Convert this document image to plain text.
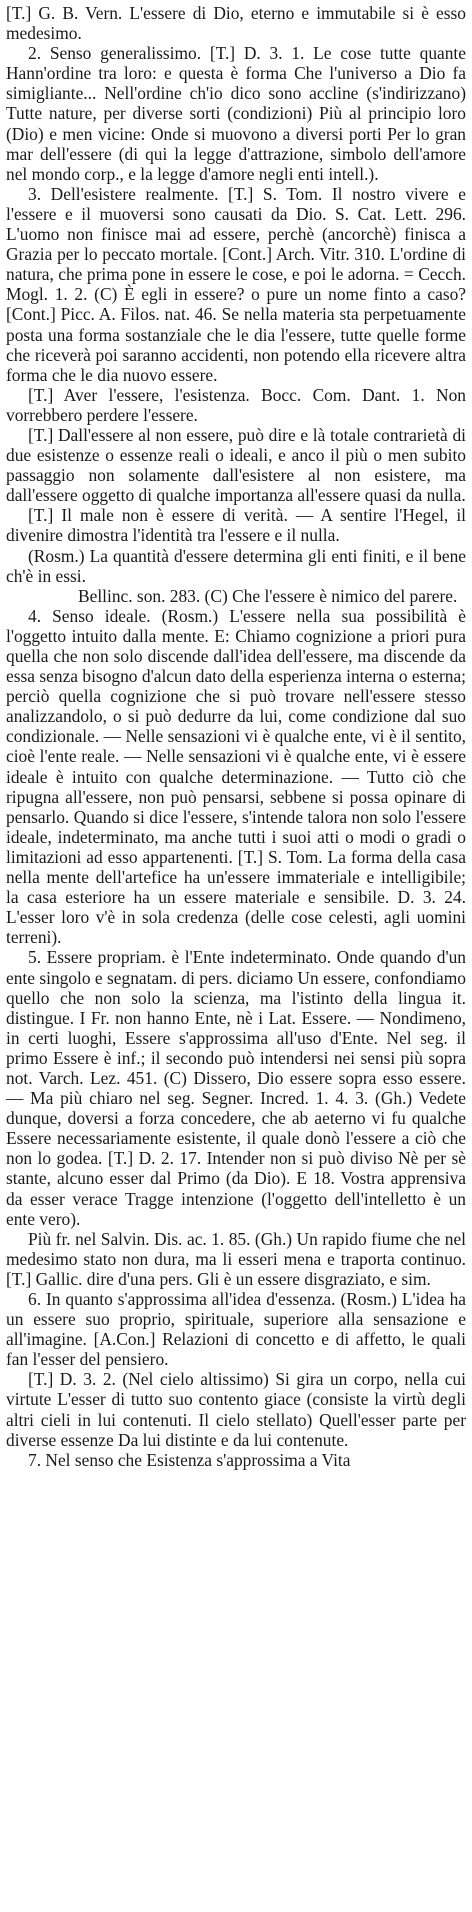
[T.] G. B. Vern. L'essere di Dio, eterno e immutabile si è esso medesimo.

2. Senso generalissimo. [T.] D. 3. 1. Le cose tutte quante Hann'ordine tra loro: e questa è forma Che l'universo a Dio fa simigliante... Nell'ordine ch'io dico sono accline (s'indirizzano) Tutte nature, per diverse sorti (condizioni) Più al principio loro (Dio) e men vicine: Onde si muovono a diversi porti Per lo gran mar dell'essere (di qui la legge d'attrazione, simbolo dell'amore nel mondo corp., e la legge d'amore negli enti intell.).

3. Dell'esistere realmente. [T.] S. Tom. Il nostro vivere e l'essere e il muoversi sono causati da Dio. S. Cat. Lett. 296. L'uomo non finisce mai ad essere, perchè (ancorchè) finisca a Grazia per lo peccato mortale. [Cont.] Arch. Vitr. 310. L'ordine di natura, che prima pone in essere le cose, e poi le adorna. = Cecch. Mogl. 1. 2. (C) È egli in essere? o pure un nome finto a caso? [Cont.] Picc. A. Filos. nat. 46. Se nella materia sta perpetuamente posta una forma sostanziale che le dia l'essere, tutte quelle forme che riceverà poi saranno accidenti, non potendo ella ricevere altra forma che le dia nuovo essere.

[T.] Aver l'essere, l'esistenza. Bocc. Com. Dant. 1. Non vorrebbero perdere l'essere.

[T.] Dall'essere al non essere, può dire e là totale contrarietà di due esistenze o essenze reali o ideali, e anco il più o men subito passaggio non solamente dall'esistere al non esistere, ma dall'essere oggetto di qualche importanza all'essere quasi da nulla.

[T.] Il male non è essere di verità. — A sentire l'Hegel, il divenire dimostra l'identità tra l'essere e il nulla.

(Rosm.) La quantità d'essere determina gli enti finiti, e il bene ch'è in essi.

Bellinc. son. 283. (C) Che l'essere è nimico del parere.

4. Senso ideale. (Rosm.) L'essere nella sua possibilità è l'oggetto intuito dalla mente. E: Chiamo cognizione a priori pura quella che non solo discende dall'idea dell'essere, ma discende da essa senza bisogno d'alcun dato della esperienza interna o esterna; perciò quella cognizione che si può trovare nell'essere stesso analizzandolo, o si può dedurre da lui, come condizione dal suo condizionale. — Nelle sensazioni vi è qualche ente, vi è il sentito, cioè l'ente reale. — Nelle sensazioni vi è qualche ente, vi è essere ideale è intuito con qualche determinazione. — Tutto ciò che ripugna all'essere, non può pensarsi, sebbene si possa opinare di pensarlo. Quando si dice l'essere, s'intende talora non solo l'essere ideale, indeterminato, ma anche tutti i suoi atti o modi o gradi o limitazioni ad esso appartenenti. [T.] S. Tom. La forma della casa nella mente dell'artefice ha un'essere immateriale e intelligibile; la casa esteriore ha un essere materiale e sensibile. D. 3. 24. L'esser loro v'è in sola credenza (delle cose celesti, agli uomini terreni).

5. Essere propriam. è l'Ente indeterminato. Onde quando d'un ente singolo e segnatam. di pers. diciamo Un essere, confondiamo quello che non solo la scienza, ma l'istinto della lingua it. distingue. I Fr. non hanno Ente, nè i Lat. Essere. — Nondimeno, in certi luoghi, Essere s'approssima all'uso d'Ente. Nel seg. il primo Essere è inf.; il secondo può intendersi nei sensi più sopra not. Varch. Lez. 451. (C) Dissero, Dio essere sopra esso essere. — Ma più chiaro nel seg. Segner. Incred. 1. 4. 3. (Gh.) Vedete dunque, doversi a forza concedere, che ab aeterno vi fu qualche Essere necessariamente esistente, il quale donò l'essere a ciò che non lo godea. [T.] D. 2. 17. Intender non si può diviso Nè per sè stante, alcuno esser dal Primo (da Dio). E 18. Vostra apprensiva da esser verace Tragge intenzione (l'oggetto dell'intelletto è un ente vero).

Più fr. nel Salvin. Dis. ac. 1. 85. (Gh.) Un rapido fiume che nel medesimo stato non dura, ma li esseri mena e traporta continuo. [T.] Gallic. dire d'una pers. Gli è un essere disgraziato, e sim.

6. In quanto s'approssima all'idea d'essenza. (Rosm.) L'idea ha un essere suo proprio, spirituale, superiore alla sensazione e all'imagine. [A.Con.] Relazioni di concetto e di affetto, le quali fan l'esser del pensiero.

[T.] D. 3. 2. (Nel cielo altissimo) Si gira un corpo, nella cui virtute L'esser di tutto suo contento giace (consiste la virtù degli altri cieli in lui contenuti. Il cielo stellato) Quell'esser parte per diverse essenze Da lui distinte e da lui contenute.

7. Nel senso che Esistenza s'approssima a Vita
